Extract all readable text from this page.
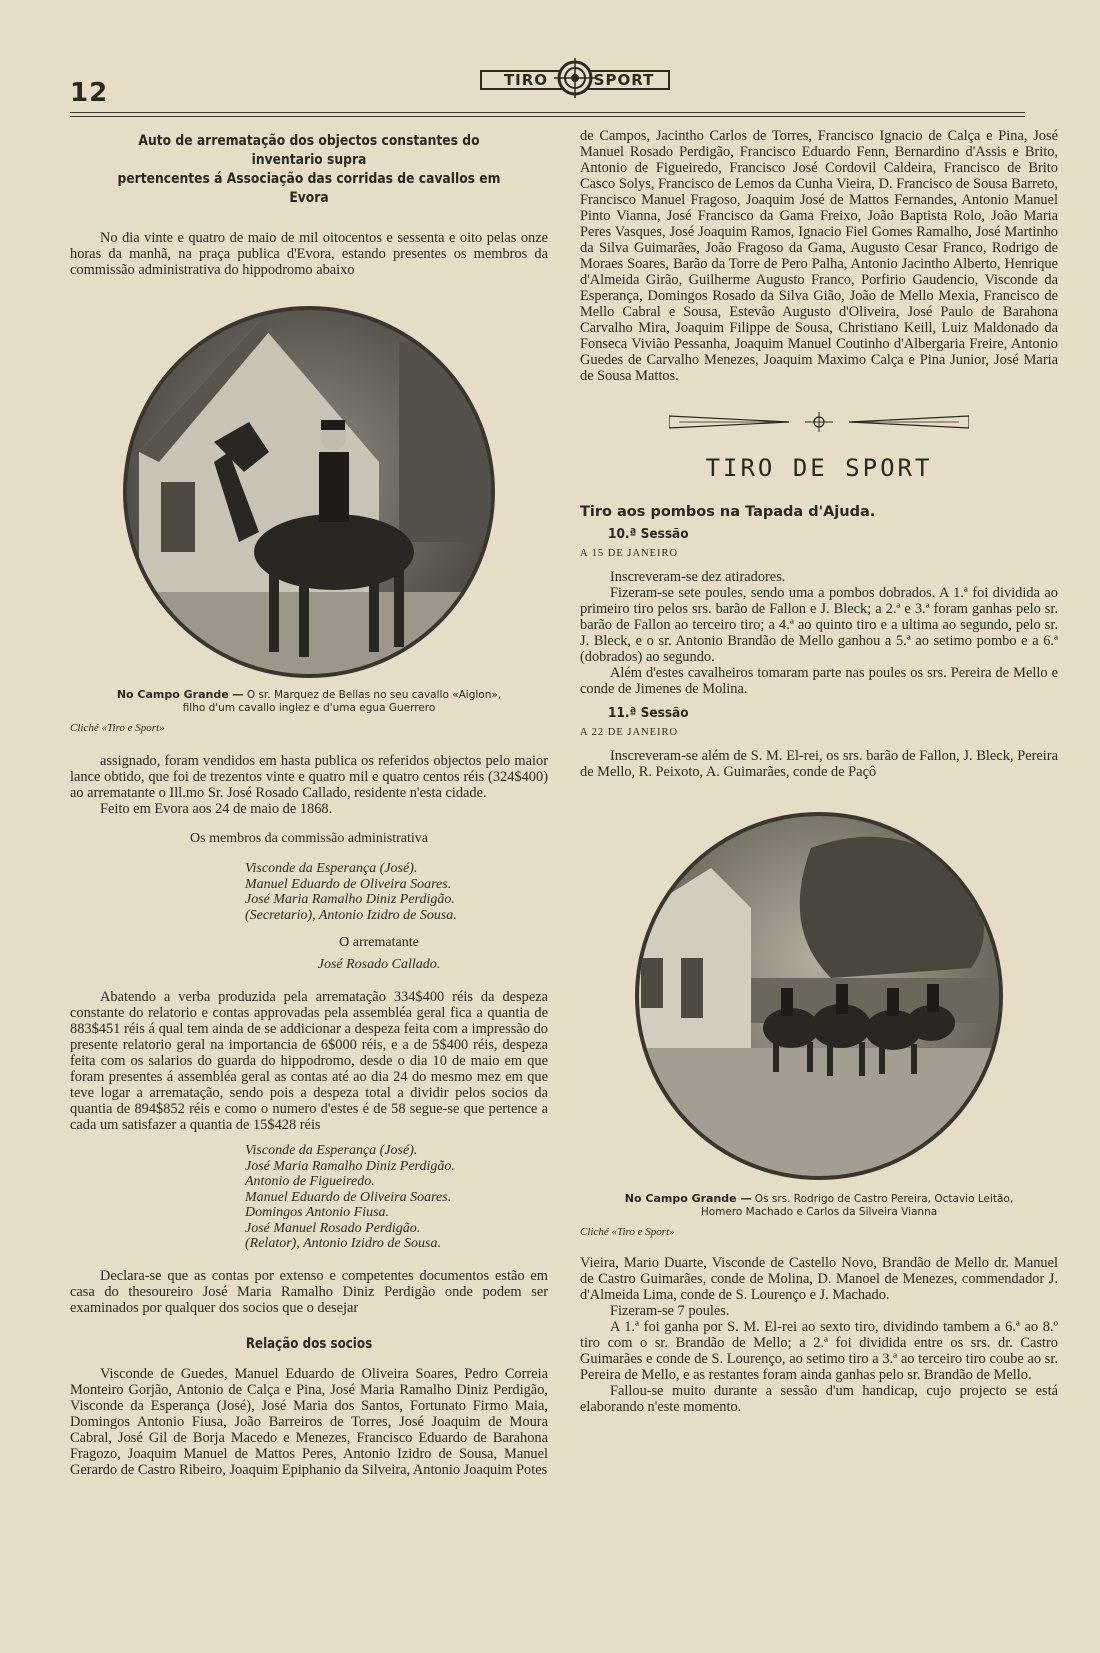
12	TIRO	SPORT
Auto de arrematação dos objectos constantes do inventario supra
pertencentes á Associação das corridas de cavallos em Evora

No dia vinte e quatro de maio de mil oitocentos e sessenta e oito pelas onze horas da manhã, na praça publica d'Evora, estando presentes os membros da commissão administrativa do hippodromo abaixo

No Campo Grande — O sr. Marquez de Bellas no seu cavallo «Aiglon»,
filho d'um cavallo inglez e d'uma egua Guerrero
Cliché «Tiro e Sport»

assignado, foram vendidos em hasta publica os referidos objectos pelo maior lance obtido, que foi de trezentos vinte e quatro mil e quatro centos réis (324$400) ao arrematante o Ill.mo Sr. José Rosado Callado, residente n'esta cidade.

Feito em Evora aos 24 de maio de 1868.

Os membros da commissão administrativa
Visconde da Esperança (José).
Manuel Eduardo de Oliveira Soares.
José Maria Ramalho Diniz Perdigão.
(Secretario), Antonio Izidro de Sousa.
O arrematante
José Rosado Callado.

Abatendo a verba produzida pela arrematação 334$400 réis da despeza constante do relatorio e contas approvadas pela assembléa geral fica a quantia de 883$451 réis á qual tem ainda de se addicionar a despeza feita com a impressão do presente relatorio geral na importancia de 6$000 réis, e a de 5$400 réis, despeza feita com os salarios do guarda do hippodromo, desde o dia 10 de maio em que foram presentes á assembléa geral as contas até ao dia 24 do mesmo mez em que teve logar a arrematação, sendo pois a despeza total a dividir pelos socios da quantia de 894$852 réis e como o numero d'estes é de 58 segue-se que pertence a cada um satisfazer a quantia de 15$428 réis

Visconde da Esperança (José).
José Maria Ramalho Diniz Perdigão.
Antonio de Figueiredo.
Manuel Eduardo de Oliveira Soares.
Domingos Antonio Fiusa.
José Manuel Rosado Perdigão.
(Relator), Antonio Izidro de Sousa.

Declara-se que as contas por extenso e competentes documentos estão em casa do thesoureiro José Maria Ramalho Diniz Perdigão onde podem ser examinados por qualquer dos socios que o desejar

Relação dos socios

Visconde de Guedes, Manuel Eduardo de Oliveira Soares, Pedro Correia Monteiro Gorjão, Antonio de Calça e Pina, José Maria Ramalho Diniz Perdigão, Visconde da Esperança (José), José Maria dos Santos, Fortunato Firmo Maia, Domingos Antonio Fiusa, João Barreiros de Torres, José Joaquim de Moura Cabral, José Gil de Borja Macedo e Menezes, Francisco Eduardo de Barahona Fragozo, Joaquim Manuel de Mattos Peres, Antonio Izidro de Sousa, Manuel Gerardo de Castro Ribeiro, Joaquim Epiphanio da Silveira, Antonio Joaquim Potes

de Campos, Jacintho Carlos de Torres, Francisco Ignacio de Calça e Pina, José Manuel Rosado Perdigão, Francisco Eduardo Fenn, Bernardino d'Assis e Brito, Antonio de Figueiredo, Francisco José Cordovil Caldeira, Francisco de Brito Casco Solys, Francisco de Lemos da Cunha Vieira, D. Francisco de Sousa Barreto, Francisco Manuel Fragoso, Joaquim José de Mattos Fernandes, Antonio Manuel Pinto Vianna, José Francisco da Gama Freixo, João Baptista Rolo, João Maria Peres Vasques, José Joaquim Ramos, Ignacio Fiel Gomes Ramalho, José Martinho da Silva Guimarães, João Fragoso da Gama, Augusto Cesar Franco, Rodrigo de Moraes Soares, Barão da Torre de Pero Palha, Antonio Jacintho Alberto, Henrique d'Almeida Girão, Guilherme Augusto Franco, Porfirio Gaudencio, Visconde da Esperança, Domingos Rosado da Silva Gião, João de Mello Mexia, Francisco de Mello Cabral e Sousa, Estevão Augusto d'Oliveira, José Paulo de Barahona Carvalho Mira, Joaquim Filippe de Sousa, Christiano Keill, Luiz Maldonado da Fonseca Vivião Pessanha, Joaquim Manuel Coutinho d'Albergaria Freire, Antonio Guedes de Carvalho Menezes, Joaquim Maximo Calça e Pina Junior, José Maria de Sousa Mattos.

TIRO DE SPORT
Tiro aos pombos na Tapada d'Ajuda.
10.ª Sessão
A 15 DE JANEIRO

Inscreveram-se dez atiradores.

Fizeram-se sete poules, sendo uma a pombos dobrados. A 1.ª foi dividida ao primeiro tiro pelos srs. barão de Fallon e J. Bleck; a 2.ª e 3.ª foram ganhas pelo sr. barão de Fallon ao terceiro tiro; a 4.ª ao quinto tiro e a ultima ao segundo, pelo sr. J. Bleck, e o sr. Antonio Brandão de Mello ganhou a 5.ª ao setimo pombo e a 6.ª (dobrados) ao segundo.

Além d'estes cavalheiros tomaram parte nas poules os srs. Pereira de Mello e conde de Jimenes de Molina.

11.ª Sessão
A 22 DE JANEIRO

Inscreveram-se além de S. M. El-rei, os srs. barão de Fallon, J. Bleck, Pereira de Mello, R. Peixoto, A. Guimarães, conde de Paçô

No Campo Grande — Os srs. Rodrigo de Castro Pereira, Octavio Leitão,
Homero Machado e Carlos da Silveira Vianna
Cliché «Tiro e Sport»

Vieira, Mario Duarte, Visconde de Castello Novo, Brandão de Mello dr. Manuel de Castro Guimarães, conde de Molina, D. Manoel de Menezes, commendador J. d'Almeida Lima, conde de S. Lourenço e J. Machado.

Fizeram-se 7 poules.

A 1.ª foi ganha por S. M. El-rei ao sexto tiro, dividindo tambem a 6.ª ao 8.º tiro com o sr. Brandão de Mello; a 2.ª foi dividida entre os srs. dr. Castro Guimarães e conde de S. Lourenço, ao setimo tiro a 3.ª ao terceiro tiro coube ao sr. Pereira de Mello, e as restantes foram ainda ganhas pelo sr. Brandão de Mello.

Fallou-se muito durante a sessão d'um handicap, cujo projecto se está elaborando n'este momento.
